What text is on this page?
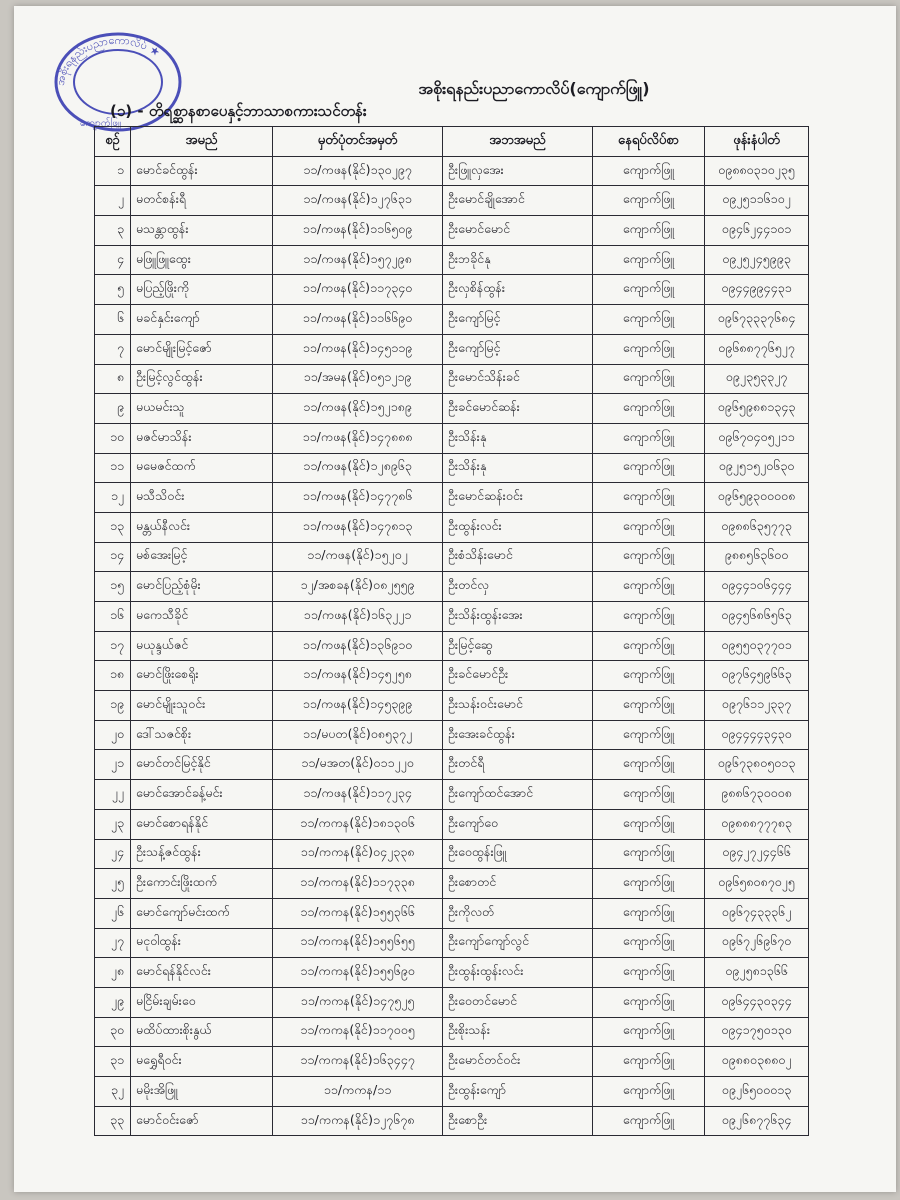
အစိုးရနည်းပညာကောလိပ် ★
ကျောက်ဖြူ
အစိုးရနည်းပညာကောလိပ်(ကျောက်ဖြူ)
(၁) - တိရစ္ဆာနစာပေနှင့်ဘာသာစကားသင်တန်း
စဉ်	အမည်	မှတ်ပုံတင်အမှတ်	အဘအမည်	နေရပ်လိပ်စာ	ဖုန်းနံပါတ်
၁	မောင်ခင်ထွန်း	၁၁/ကဖန(နိုင်)၁၃၀၂၉၇	ဦးဖြူလှအေး	ကျောက်ဖြူ	၀၉၈၈၀၃၁၀၂၃၅
၂	မတင်စန်းရီ	၁၁/ကဖန(နိုင်)၁၂၇၆၃၁	ဦးမောင်ချိုအောင်	ကျောက်ဖြူ	၀၉၂၅၁၁၆၁၀၂
၃	မသန္တာထွန်း	၁၁/ကဖန(နိုင်)၁၁၆၅၀၉	ဦးမောင်မောင်	ကျောက်ဖြူ	၀၉၄၆၂၄၄၁၀၁
၄	မဖြူဖြူထွေး	၁၁/ကဖန(နိုင်)၁၅၇၂၉၈	ဦးဘခိုင်နု	ကျောက်ဖြူ	၀၉၂၅၂၄၅၉၉၃
၅	မပြည့်ဖြိုးကို	၁၁/ကဖန(နိုင်)၁၁၇၃၄၀	ဦးလှစိန်ထွန်း	ကျောက်ဖြူ	၀၉၄၄၉၉၄၄၃၁
၆	မခင်နှင်းကျော်	၁၁/ကဖန(နိုင်)၁၁၆၆၉၀	ဦးကျော်မြင့်	ကျောက်ဖြူ	၀၉၆၇၃၃၃၇၆၈၄
၇	မောင်မျိုးမြင့်ဇော်	၁၁/ကဖန(နိုင်)၁၄၅၁၁၉	ဦးကျော်မြင့်	ကျောက်ဖြူ	၀၉၆၈၈၇၇၆၅၂၇
၈	ဦးမြင့်လွင်ထွန်း	၁၁/အမန(နိုင်)၀၅၁၂၁၉	ဦးမောင်သိန်းခင်	ကျောက်ဖြူ	၀၉၂၃၅၃၃၂၇
၉	မယမင်းသူ	၁၁/ကဖန(နိုင်)၁၅၂၁၈၉	ဦးခင်မောင်ဆန်း	ကျောက်ဖြူ	၀၉၆၅၉၈၈၁၃၄၃
၁၀	မဇင်မာသိန်း	၁၁/ကဖန(နိုင်)၁၄၇၈၈၈	ဦးသိန်းနု	ကျောက်ဖြူ	၀၉၆၇၀၄၀၅၂၁၁
၁၁	မမေဇင်ထက်	၁၁/ကဖန(နိုင်)၁၂၈၉၆၃	ဦးသိန်းနု	ကျောက်ဖြူ	၀၉၂၅၁၅၂၀၆၃၀
၁၂	မသီသိဝင်း	၁၁/ကဖန(နိုင်)၁၄၇၇၈၆	ဦးမောင်ဆန်းဝင်း	ကျောက်ဖြူ	၀၉၆၅၉၃၀၀၀၀၈
၁၃	မန္တယ်နီလင်း	၁၁/ကဖန(နိုင်)၁၄၇၈၁၃	ဦးထွန်းလင်း	ကျောက်ဖြူ	၀၉၈၈၆၃၅၇၇၃
၁၄	မစ်အေးမြင့်	၁၁/ကဖန(နိုင်)၁၅၂၀၂	ဦးစံသိန်းမောင်	ကျောက်ဖြူ	၉၈၈၅၆၃၆၀၀
၁၅	မောင်ပြည့်စုံမိုး	၁၂/အစခန(နိုင်)၀၈၂၅၅၉	ဦးတင်လှ	ကျောက်ဖြူ	၀၉၄၄၁၀၆၄၄၄
၁၆	မကေသီခိုင်	၁၁/ကဖန(နိုင်)၁၆၃၂၂၁	ဦးသိန်းထွန်းအေး	ကျောက်ဖြူ	၀၉၄၅၆၈၆၅၆၃
၁၇	မယုန္ဒယ်ဇင်	၁၁/ကဖန(နိုင်)၁၃၆၉၁၀	ဦးမြင့်ဆွေ	ကျောက်ဖြူ	၀၉၅၅၀၃၇၇၀၁
၁၈	မောင်ဖြိုးစေရိုး	၁၁/ကဖန(နိုင်)၁၄၅၂၅၈	ဦးခင်မောင်ဦး	ကျောက်ဖြူ	၀၉၇၆၄၅၉၆၆၃
၁၉	မောင်မျိုးသူဝင်း	၁၁/ကဖန(နိုင်)၁၄၅၃၉၉	ဦးသန်းဝင်းမောင်	ကျောက်ဖြူ	၀၉၇၆၁၁၂၃၃၇
၂၀	ဒေါ်သဇင်စိုး	၁၁/မပတ(နိုင်)၀၈၅၃၇၂	ဦးအေးခင်ထွန်း	ကျောက်ဖြူ	၀၉၄၄၄၄၃၄၃၀
၂၁	မောင်တင်မြင့်နိုင်	၁၁/မအတ(နိုင်)၀၁၁၂၂၀	ဦးတင်ရီ	ကျောက်ဖြူ	၀၉၆၇၃၈၀၅၀၁၃
၂၂	မောင်အောင်ခန့်မင်း	၁၁/ကဖန(နိုင်)၁၁၇၂၃၄	ဦးကျော်ထင်အောင်	ကျောက်ဖြူ	၉၈၈၆၇၃၀၀၀၈
၂၃	မောင်စောရန်နိုင်	၁၁/ကကန(နိုင်)၁၈၁၃၀၆	ဦးကျော်ဝေ	ကျောက်ဖြူ	၀၉၈၈၈၇၇၇၈၃
၂၄	ဦးသန့်ဇင်ထွန်း	၁၁/ကကန(နိုင်)၀၄၂၃၃၈	ဦးဝေထွန်းဖြူ	ကျောက်ဖြူ	၀၉၄၂၇၂၄၄၆၆
၂၅	ဦးကောင်းဖြိုးထက်	၁၁/ကကန(နိုင်)၁၁၇၃၃၈	ဦးစောတင်	ကျောက်ဖြူ	၀၉၆၅၈၀၈၇၀၂၅
၂၆	မောင်ကျော်မင်းထက်	၁၁/ကကန(နိုင်)၁၅၅၃၆၆	ဦးကိုလတ်	ကျောက်ဖြူ	၀၉၆၇၄၃၃၃၆၂
၂၇	မငုဝါထွန်း	၁၁/ကကန(နိုင်)၁၅၅၆၅၅	ဦးကျော်ကျော်လွင်	ကျောက်ဖြူ	၀၉၆၇၂၆၉၆၇၀
၂၈	မောင်ရန်နိုင်လင်း	၁၁/ကကန(နိုင်)၁၅၅၆၉၀	ဦးထွန်းထွန်းလင်း	ကျောက်ဖြူ	၀၉၂၅၈၁၃၆၆
၂၉	မငြိမ်းချမ်းဝေ	၁၁/ကကန(နိုင်)၁၄၇၅၂၅	ဦးဝေတင်မောင်	ကျောက်ဖြူ	၀၉၆၄၄၃၀၃၄၄
၃၀	မထိပ်ထားစိုးနွယ်	၁၁/ကကန(နိုင်)၁၁၇၀၀၅	ဦးစိုးသန်း	ကျောက်ဖြူ	၀၉၄၁၇၅၀၁၃၀
၃၁	မရွှေရီဝင်း	၁၁/ကကန(နိုင်)၁၆၃၄၄၇	ဦးမောင်တင်ဝင်း	ကျောက်ဖြူ	၀၉၈၈၀၃၈၈၀၂
၃၂	မမိုးအိဖြူ	၁၁/ကကန/၁၁	ဦးထွန်းကျော်	ကျောက်ဖြူ	၀၉၂၆၅၀၀၀၁၃
၃၃	မောင်ဝင်းဇော်	၁၁/ကကန(နိုင်)၁၂၇၆၇၈	ဦးစောဦး	ကျောက်ဖြူ	၀၉၂၆၈၇၇၆၃၄
